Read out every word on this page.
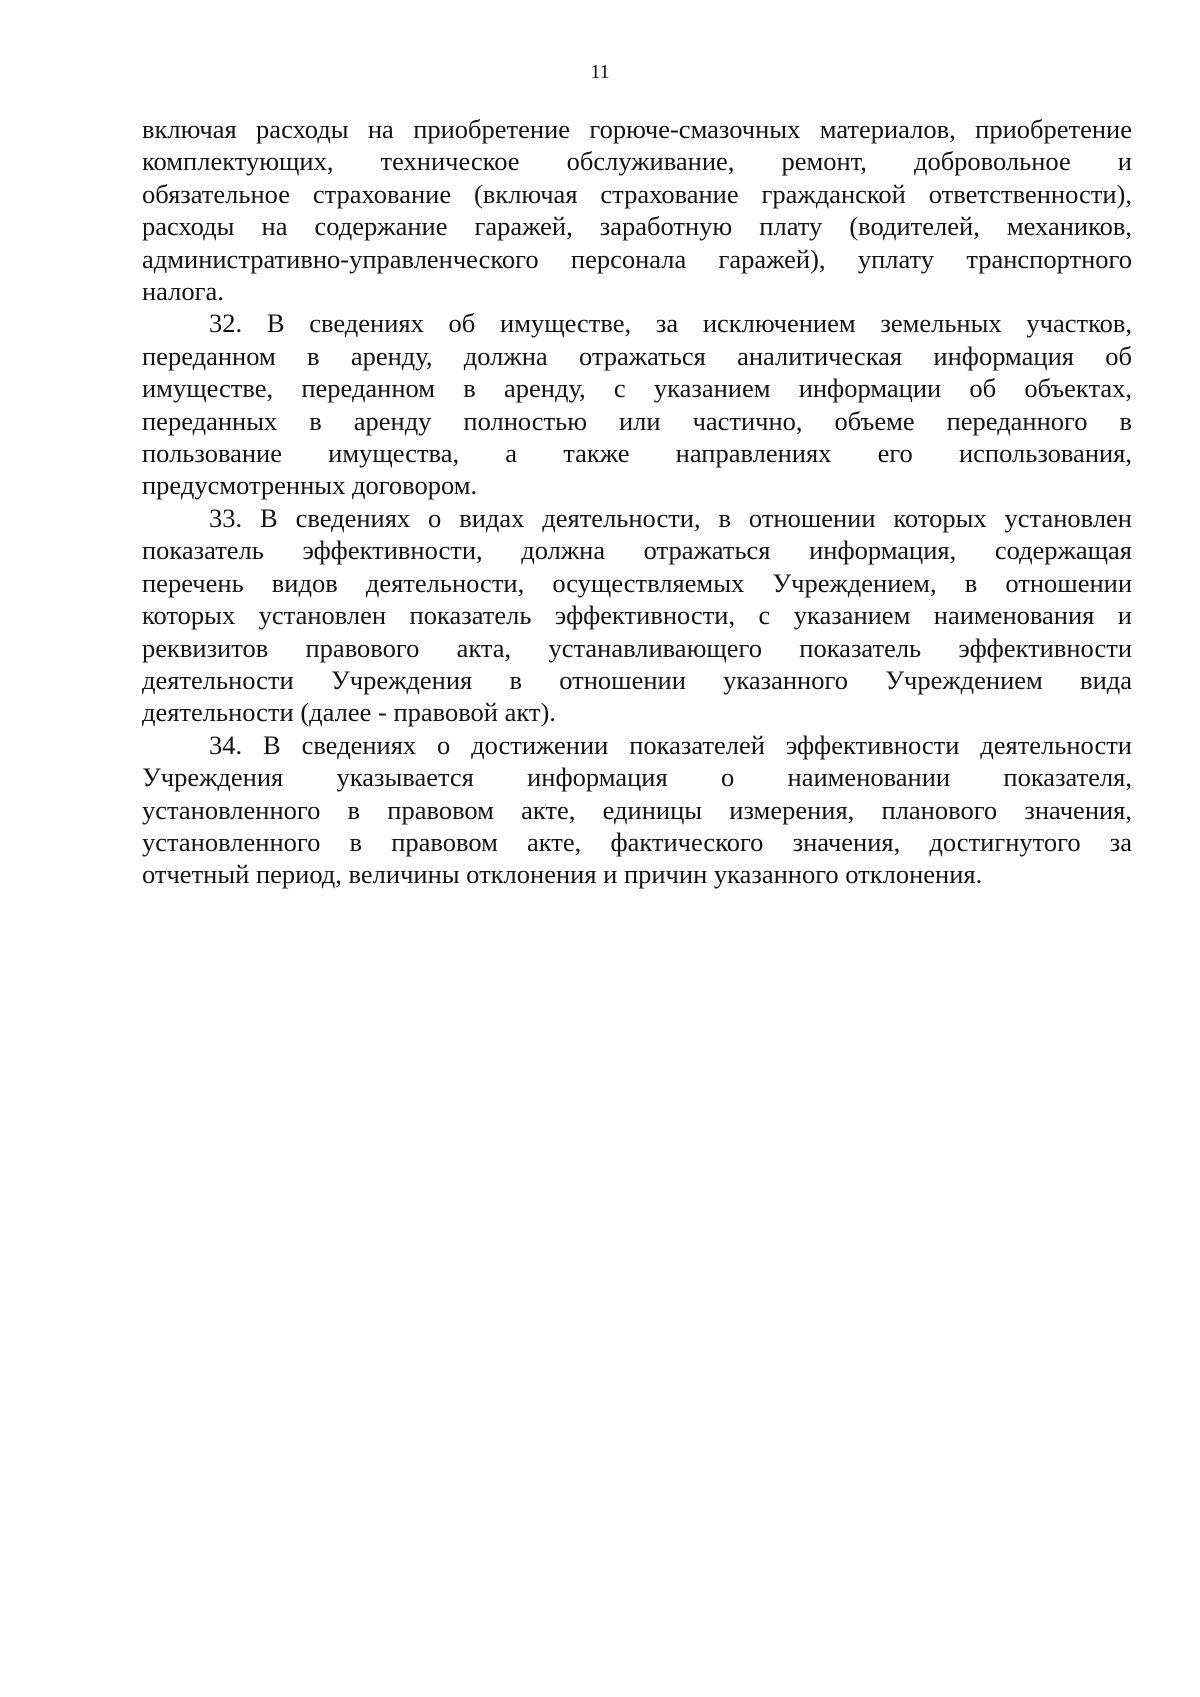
11
включая расходы на приобретение горюче-смазочных материалов, приобретение
комплектующих, техническое обслуживание, ремонт, добровольное и
обязательное страхование (включая страхование гражданской ответственности),
расходы на содержание гаражей, заработную плату (водителей, механиков,
административно-управленческого персонала гаражей), уплату транспортного
налога.
32. В сведениях об имуществе, за исключением земельных участков,
переданном в аренду, должна отражаться аналитическая информация об
имуществе, переданном в аренду, с указанием информации об объектах,
переданных в аренду полностью или частично, объеме переданного в
пользование имущества, а также направлениях его использования,
предусмотренных договором.
33. В сведениях о видах деятельности, в отношении которых установлен
показатель эффективности, должна отражаться информация, содержащая
перечень видов деятельности, осуществляемых Учреждением, в отношении
которых установлен показатель эффективности, с указанием наименования и
реквизитов правового акта, устанавливающего показатель эффективности
деятельности Учреждения в отношении указанного Учреждением вида
деятельности (далее - правовой акт).
34. В сведениях о достижении показателей эффективности деятельности
Учреждения указывается информация о наименовании показателя,
установленного в правовом акте, единицы измерения, планового значения,
установленного в правовом акте, фактического значения, достигнутого за
отчетный период, величины отклонения и причин указанного отклонения.
